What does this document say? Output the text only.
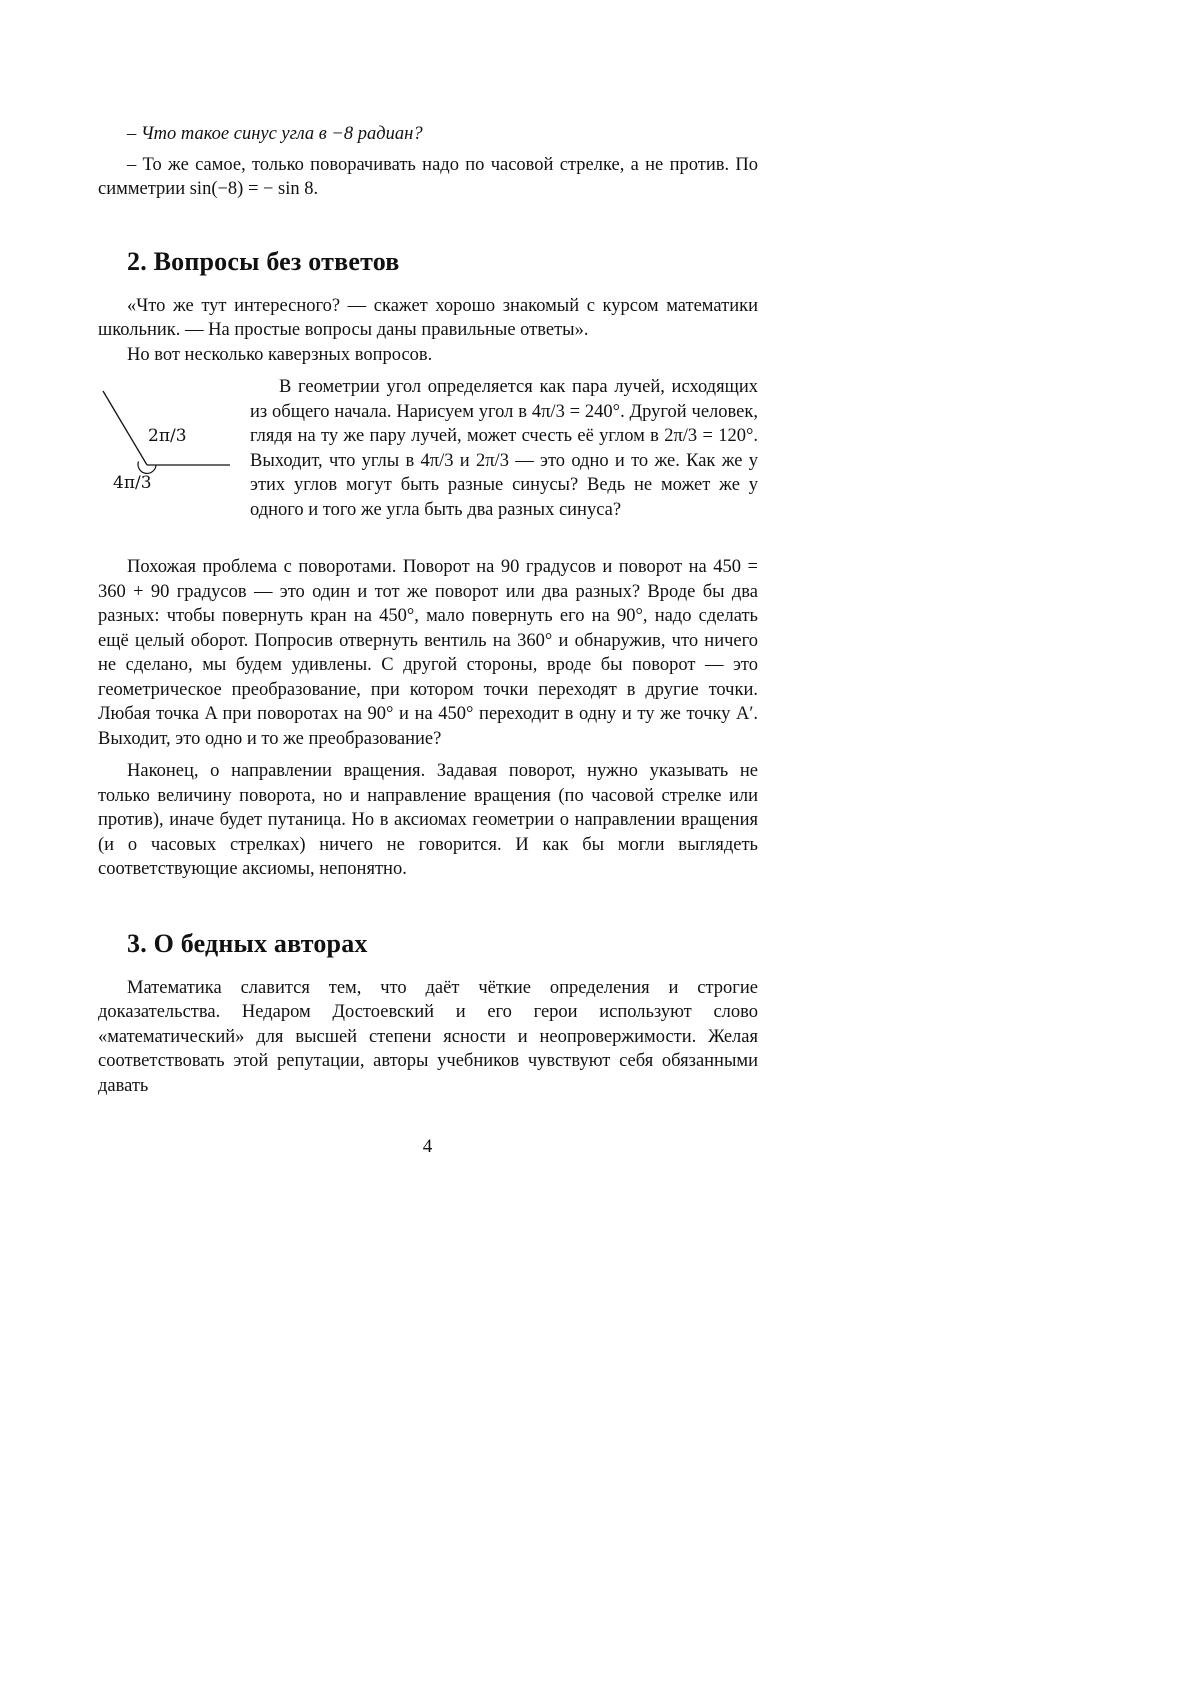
– Что такое синус угла в −8 радиан?

– То же самое, только поворачивать надо по часовой стрелке, а не против. По симметрии sin(−8) = − sin 8.

2. Вопросы без ответов

«Что же тут интересного? — скажет хорошо знакомый с курсом математики школьник. — На простые вопросы даны правильные ответы».

Но вот несколько каверзных вопросов.

2π/3
4π/3

В геометрии угол определяется как пара лучей, исходящих из общего начала. Нарисуем угол в 4π/3 = 240°. Другой человек, глядя на ту же пару лучей, может счесть её углом в 2π/3 = 120°. Выходит, что углы в 4π/3 и 2π/3 — это одно и то же. Как же у этих углов могут быть разные синусы? Ведь не может же у одного и того же угла быть два разных синуса?

Похожая проблема с поворотами. Поворот на 90 градусов и поворот на 450 = 360 + 90 градусов — это один и тот же поворот или два разных? Вроде бы два разных: чтобы повернуть кран на 450°, мало повернуть его на 90°, надо сделать ещё целый оборот. Попросив отвернуть вентиль на 360° и обнаружив, что ничего не сделано, мы будем удивлены. С другой стороны, вроде бы поворот — это геометрическое преобразование, при котором точки переходят в другие точки. Любая точка A при поворотах на 90° и на 450° переходит в одну и ту же точку A′. Выходит, это одно и то же преобразование?

Наконец, о направлении вращения. Задавая поворот, нужно указывать не только величину поворота, но и направление вращения (по часовой стрелке или против), иначе будет путаница. Но в аксиомах геометрии о направлении вращения (и о часовых стрелках) ничего не говорится. И как бы могли выглядеть соответствующие аксиомы, непонятно.

3. О бедных авторах

Математика славится тем, что даёт чёткие определения и строгие доказательства. Недаром Достоевский и его герои используют слово «математический» для высшей степени ясности и неопровержимости. Желая соответствовать этой репутации, авторы учебников чувствуют себя обязанными давать

4
